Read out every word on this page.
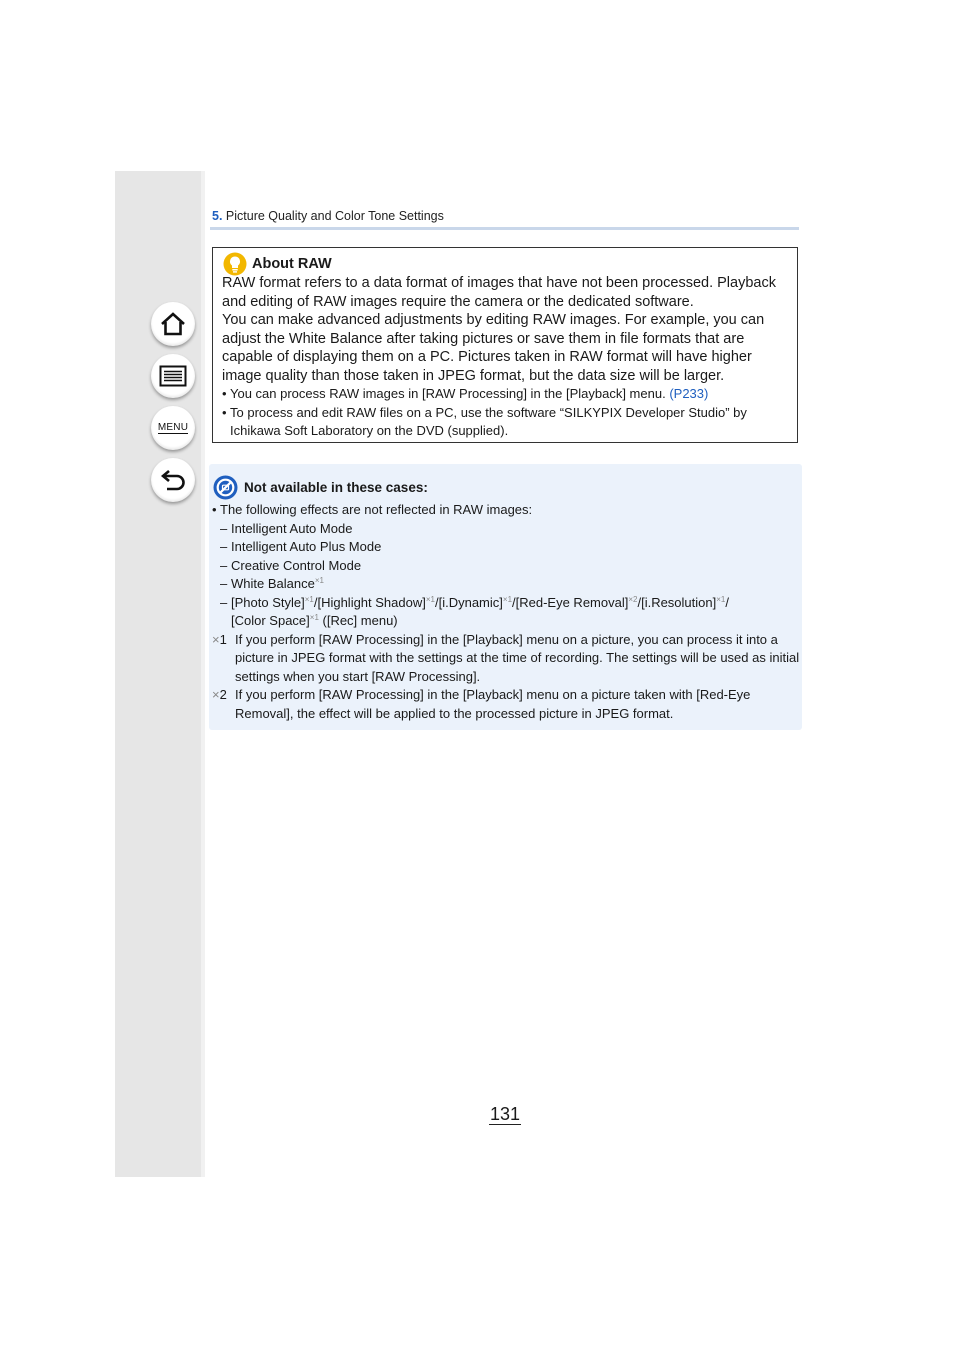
MENU
5. Picture Quality and Color Tone Settings
About RAW

RAW format refers to a data format of images that have not been processed. Playback and editing of RAW images require the camera or the dedicated software.

You can make advanced adjustments by editing RAW images. For example, you can adjust the White Balance after taking pictures or save them in file formats that are capable of displaying them on a PC. Pictures taken in RAW format will have higher image quality than those taken in JPEG format, but the data size will be larger.

• You can process RAW images in [RAW Processing] in the [Playback] menu. (P233)
• To process and edit RAW files on a PC, use the software “SILKYPIX Developer Studio” by Ichikawa Soft Laboratory on the DVD (supplied).
Not available in these cases:
• The following effects are not reflected in RAW images:
– Intelligent Auto Mode
– Intelligent Auto Plus Mode
– Creative Control Mode
– White Balance$^{\times 1}$
– [Photo Style]$^{\times 1}$/[Highlight Shadow]$^{\times 1}$/[i.Dynamic]$^{\times 1}$/[Red-Eye Removal]$^{\times 2}$/[i.Resolution]$^{\times 1}$/
[Color Space]$^{\times 1}$ ([Rec] menu)
×1 If you perform [RAW Processing] in the [Playback] menu on a picture, you can process it into a picture in JPEG format with the settings at the time of recording. The settings will be used as initial settings when you start [RAW Processing].
×2 If you perform [RAW Processing] in the [Playback] menu on a picture taken with [Red-Eye Removal], the effect will be applied to the processed picture in JPEG format.
131
